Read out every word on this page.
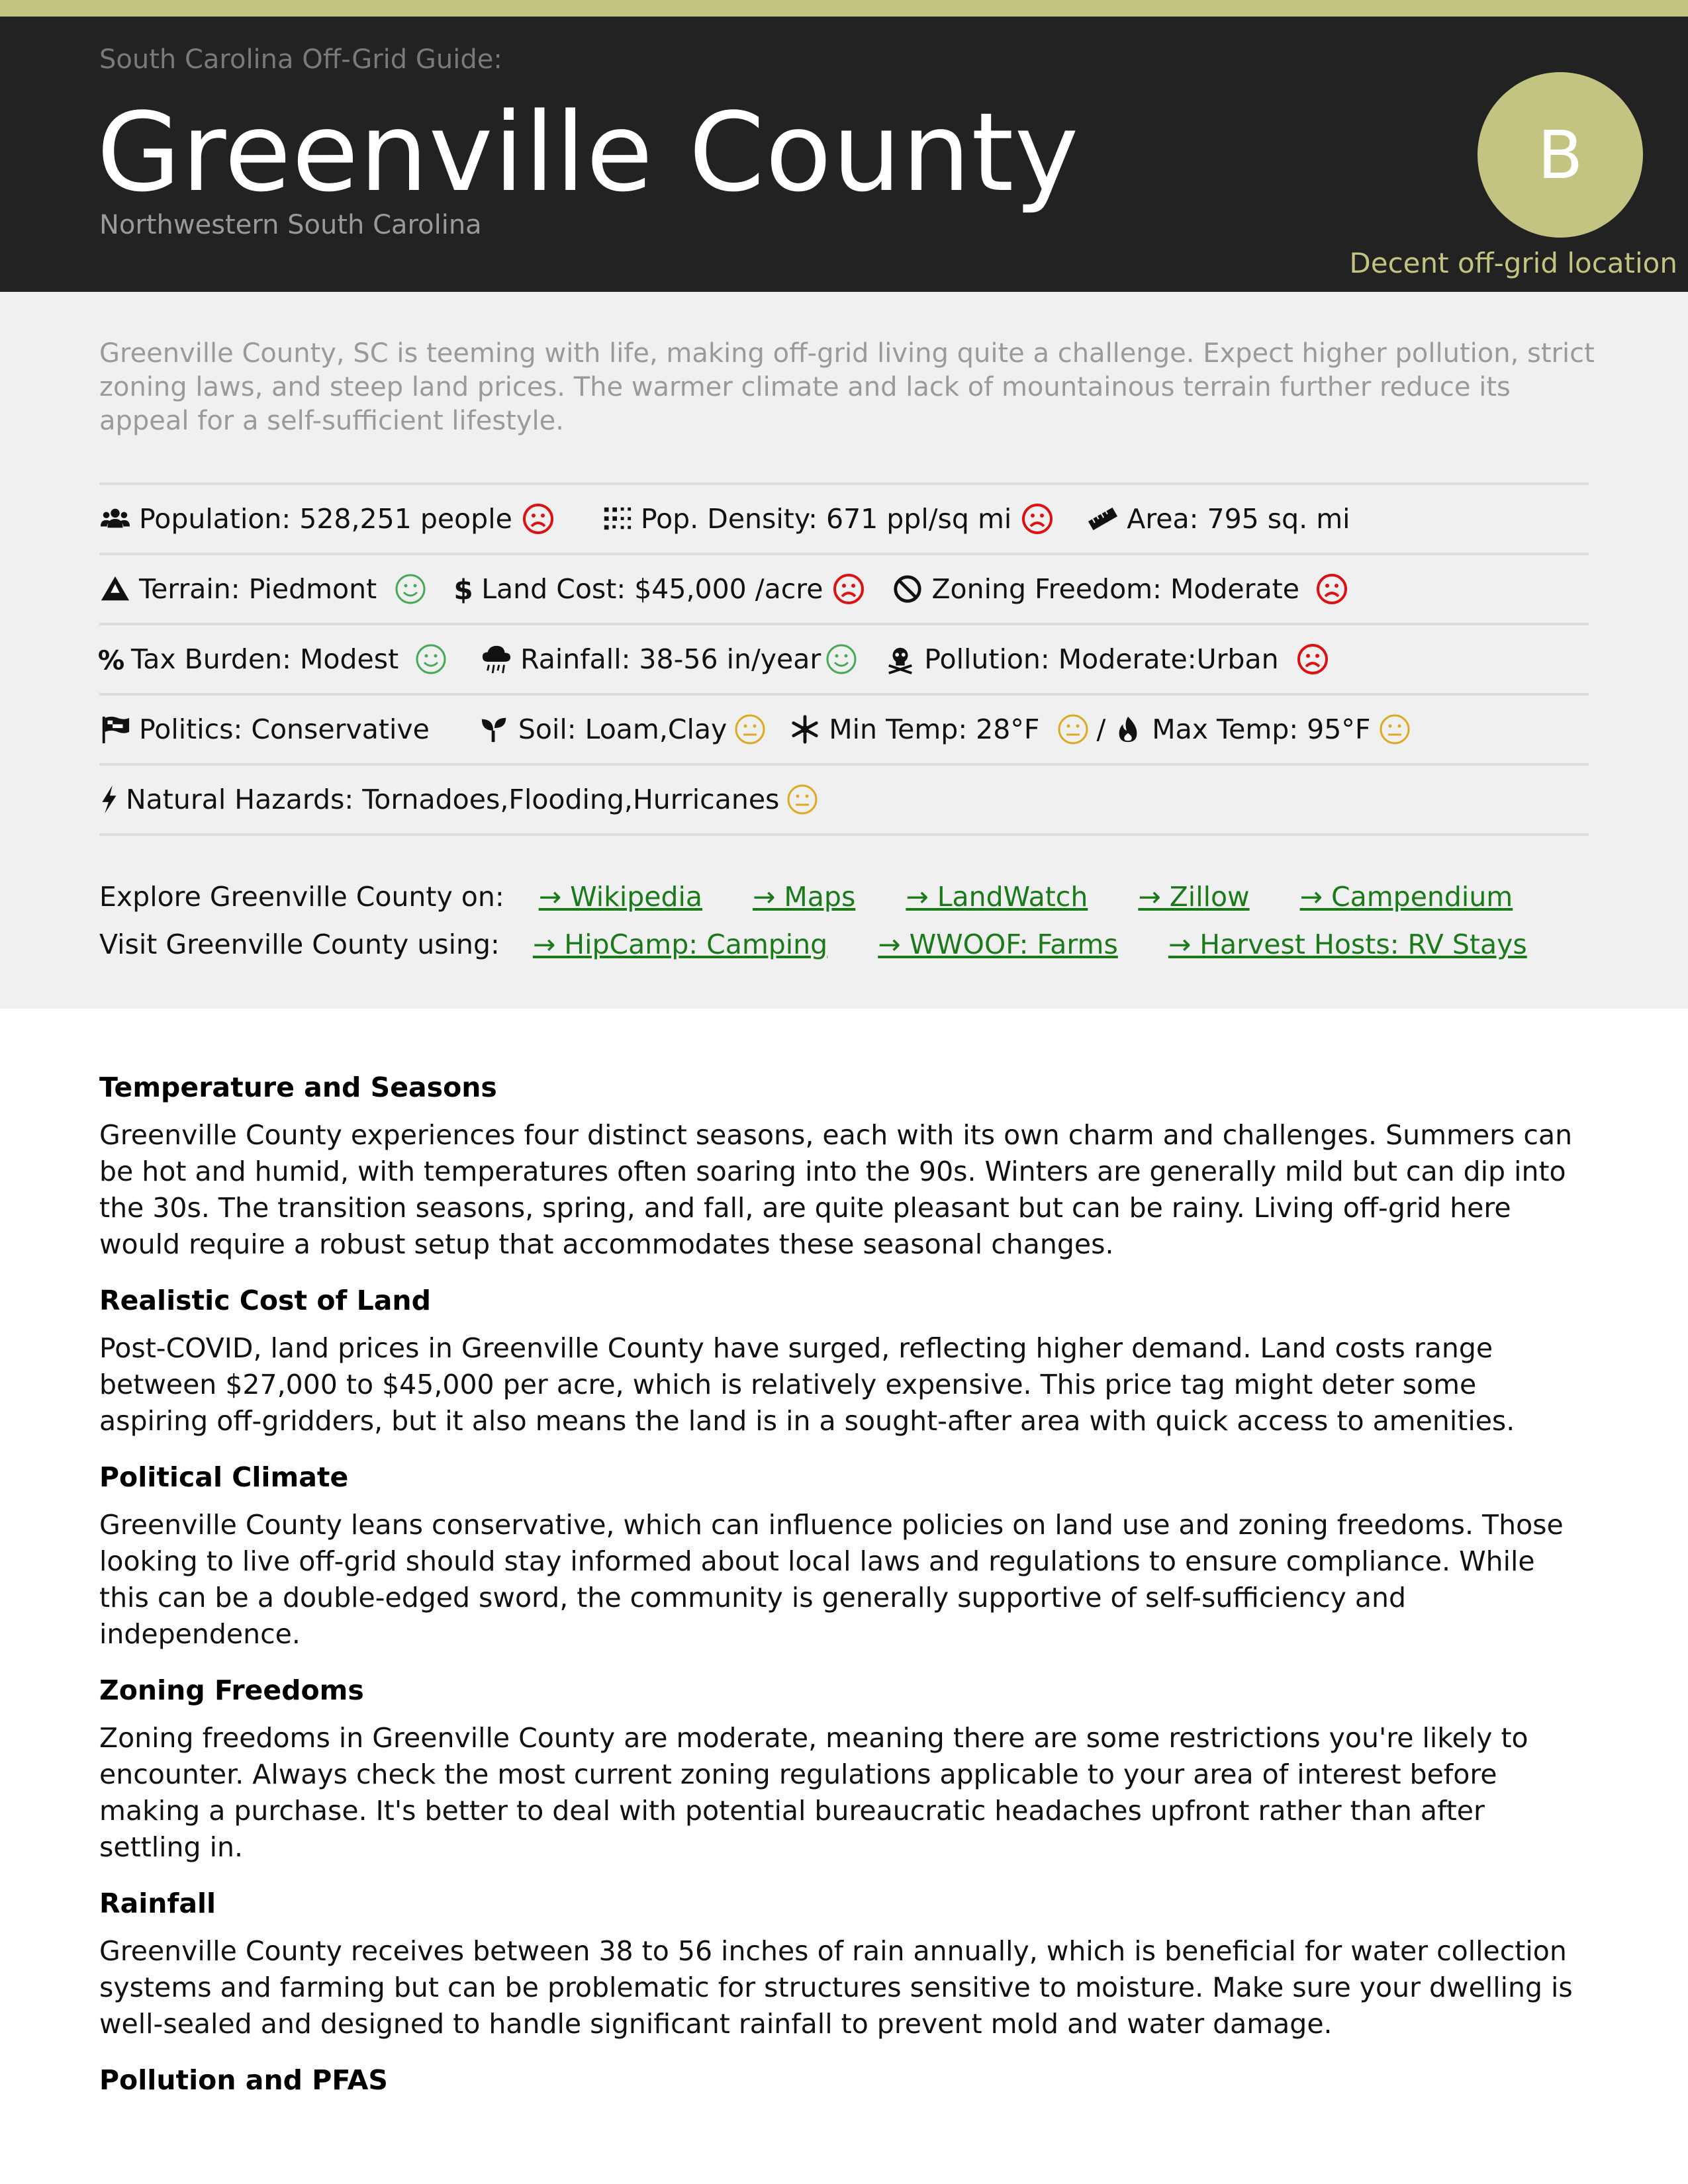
South Carolina Off-Grid Guide:
Greenville County
Northwestern South Carolina
B
Decent off-grid location

Greenville County, SC is teeming with life, making off-grid living quite a challenge. Expect higher pollution, strict zoning laws, and steep land prices. The warmer climate and lack of mountainous terrain further reduce its appeal for a self-sufficient lifestyle.

Population: 528,251 people	Pop. Density: 671 ppl/sq mi	Area: 795 sq. mi
Terrain: Piedmont	$ Land Cost: $45,000 /acre	Zoning Freedom: Moderate
% Tax Burden: Modest	Rainfall: 38-56 in/year	Pollution: Moderate:Urban
Politics: Conservative	Soil: Loam,Clay	Min Temp: 28°F / Max Temp: 95°F
Natural Hazards: Tornadoes,Flooding,Hurricanes
Explore Greenville County on: → Wikipedia → Maps → LandWatch → Zillow → Campendium
Visit Greenville County using: → HipCamp: Camping → WWOOF: Farms → Harvest Hosts: RV Stays
Temperature and Seasons

Greenville County experiences four distinct seasons, each with its own charm and challenges. Summers can be hot and humid, with temperatures often soaring into the 90s. Winters are generally mild but can dip into the 30s. The transition seasons, spring, and fall, are quite pleasant but can be rainy. Living off-grid here would require a robust setup that accommodates these seasonal changes.

Realistic Cost of Land

Post-COVID, land prices in Greenville County have surged, reflecting higher demand. Land costs range between $27,000 to $45,000 per acre, which is relatively expensive. This price tag might deter some aspiring off-gridders, but it also means the land is in a sought-after area with quick access to amenities.

Political Climate

Greenville County leans conservative, which can influence policies on land use and zoning freedoms. Those looking to live off-grid should stay informed about local laws and regulations to ensure compliance. While this can be a double-edged sword, the community is generally supportive of self-sufficiency and independence.

Zoning Freedoms

Zoning freedoms in Greenville County are moderate, meaning there are some restrictions you're likely to encounter. Always check the most current zoning regulations applicable to your area of interest before making a purchase. It's better to deal with potential bureaucratic headaches upfront rather than after settling in.

Rainfall

Greenville County receives between 38 to 56 inches of rain annually, which is beneficial for water collection systems and farming but can be problematic for structures sensitive to moisture. Make sure your dwelling is well-sealed and designed to handle significant rainfall to prevent mold and water damage.

Pollution and PFAS
